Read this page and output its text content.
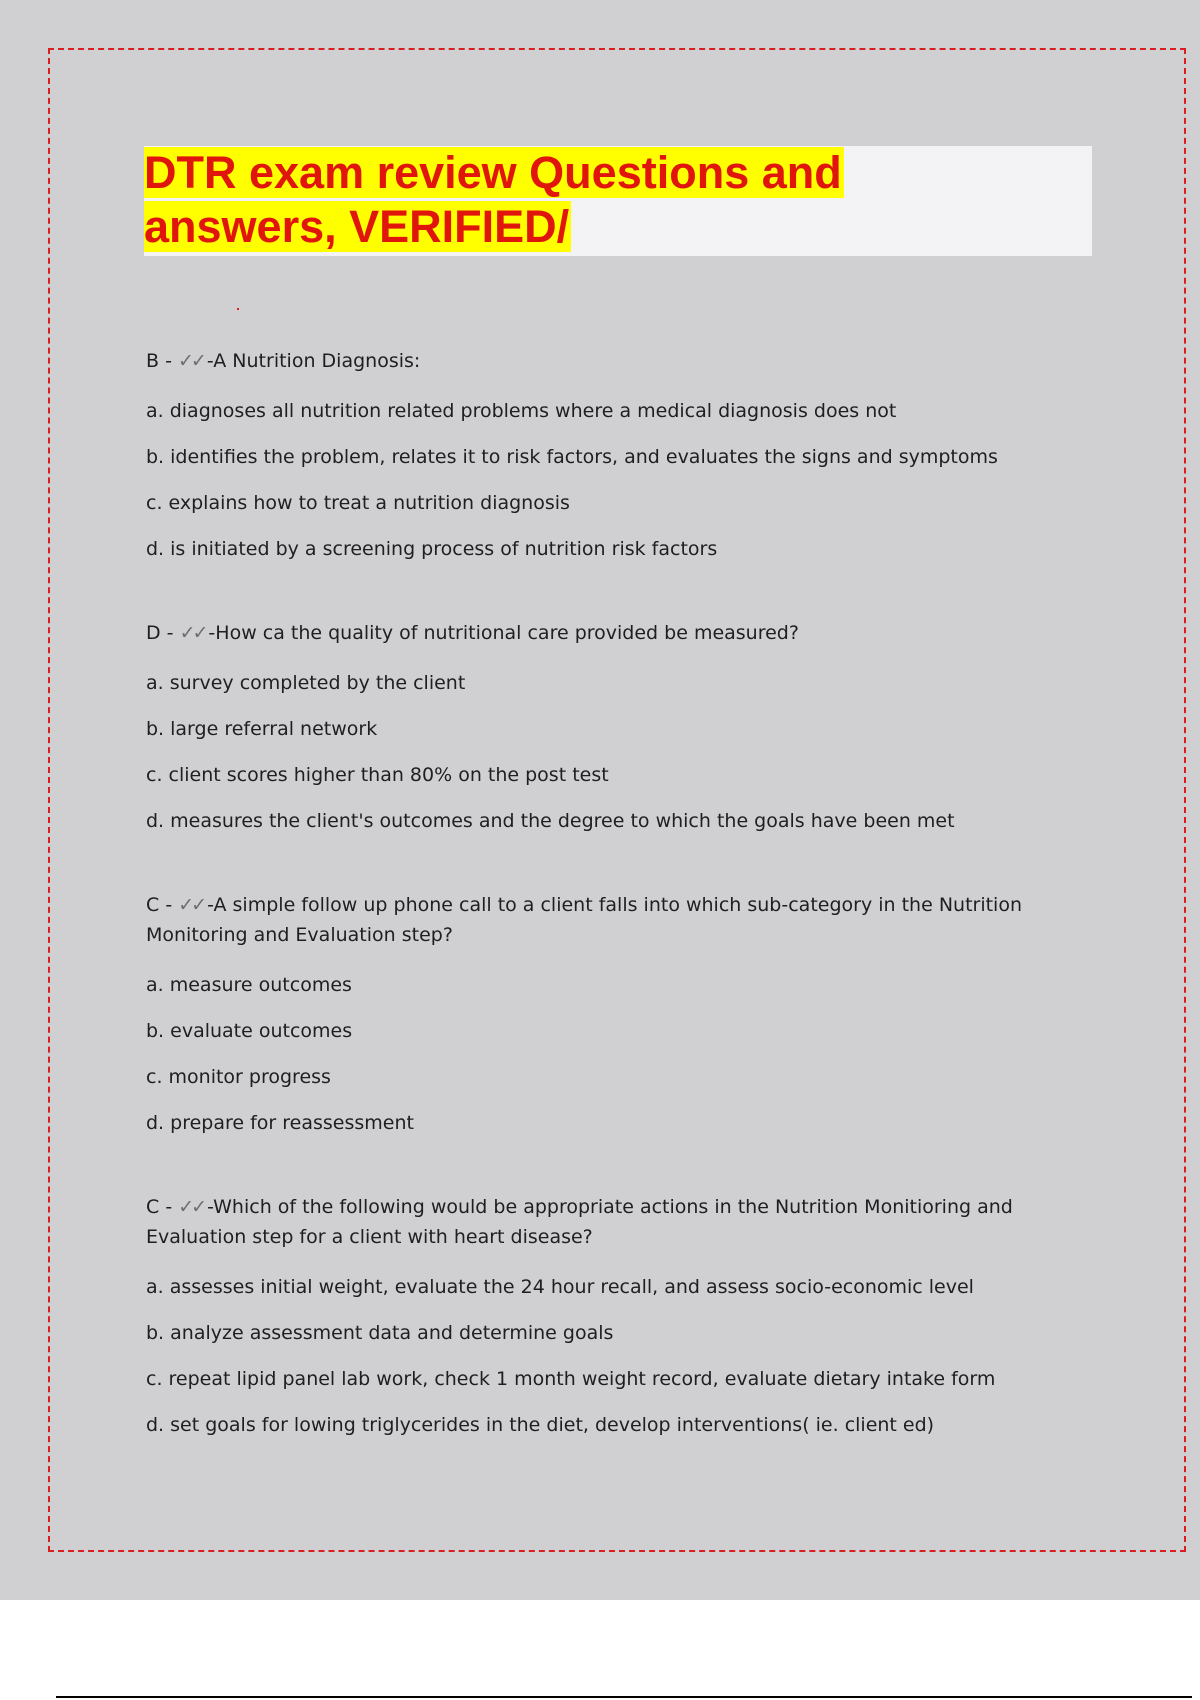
DTR exam review Questions and
answers, VERIFIED/

B - ✓✓ -A Nutrition Diagnosis:

a. diagnoses all nutrition related problems where a medical diagnosis does not

b. identifies the problem, relates it to risk factors, and evaluates the signs and symptoms

c. explains how to treat a nutrition diagnosis

d. is initiated by a screening process of nutrition risk factors

D - ✓✓ -How ca the quality of nutritional care provided be measured?

a. survey completed by the client

b. large referral network

c. client scores higher than 80% on the post test

d. measures the client's outcomes and the degree to which the goals have been met

C - ✓✓ -A simple follow up phone call to a client falls into which sub-category in the Nutrition Monitoring and Evaluation step?

a. measure outcomes

b. evaluate outcomes

c. monitor progress

d. prepare for reassessment

C - ✓✓ -Which of the following would be appropriate actions in the Nutrition Monitioring and Evaluation step for a client with heart disease?

a. assesses initial weight, evaluate the 24 hour recall, and assess socio-economic level

b. analyze assessment data and determine goals

c. repeat lipid panel lab work, check 1 month weight record, evaluate dietary intake form

d. set goals for lowing triglycerides in the diet, develop interventions( ie. client ed)
